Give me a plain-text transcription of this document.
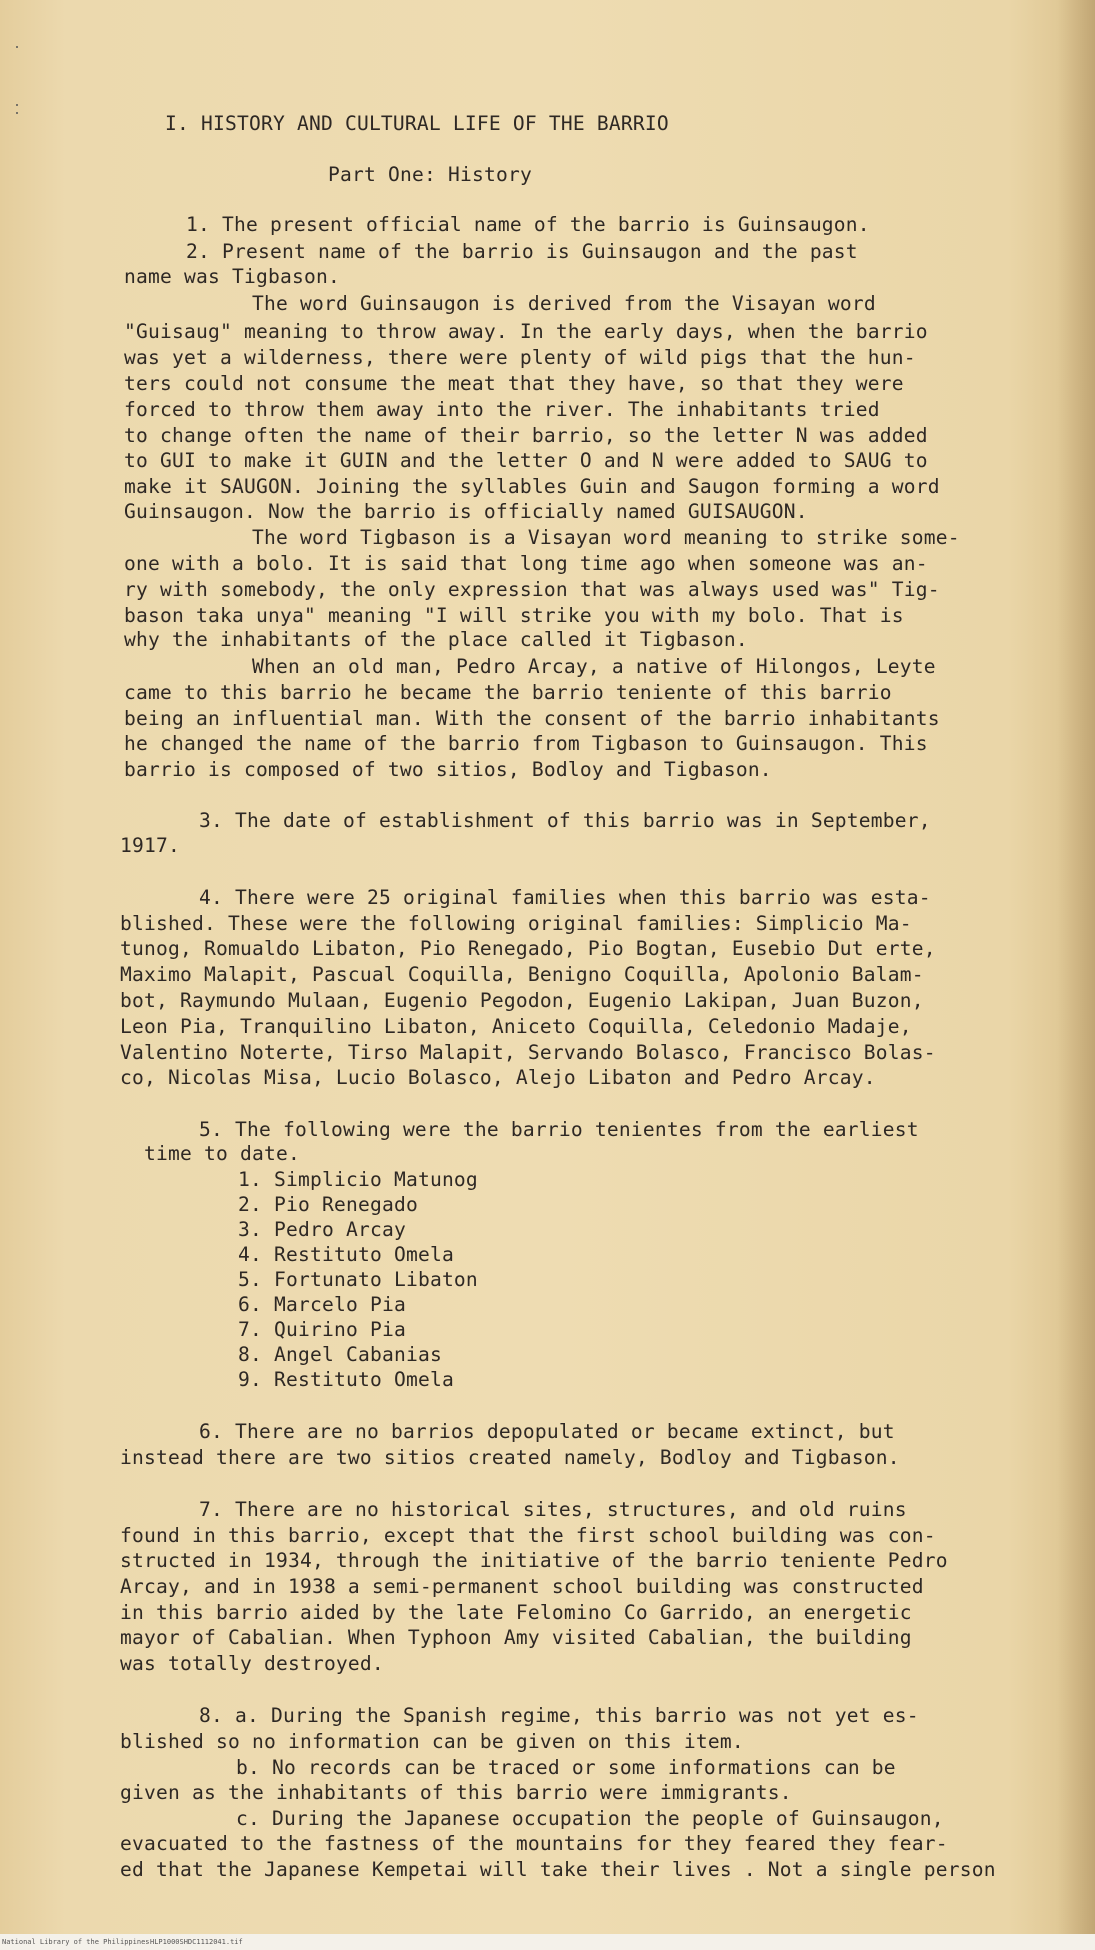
I. HISTORY AND CULTURAL LIFE OF THE BARRIO
Part One: History
1. The present official name of the barrio is Guinsaugon.
2. Present name of the barrio is Guinsaugon and the past
name was Tigbason.
The word Guinsaugon is derived from the Visayan word
"Guisaug" meaning to throw away. In the early days, when the barrio
was yet a wilderness, there were plenty of wild pigs that the hun-
ters could not consume the meat that they have, so that they were
forced to throw them away into the river. The inhabitants tried
to change often the name of their barrio, so the letter N was added
to GUI to make it GUIN and the letter O and N were added to SAUG to
make it SAUGON. Joining the syllables Guin and Saugon forming a word
Guinsaugon. Now the barrio is officially named GUISAUGON.
The word Tigbason is a Visayan word meaning to strike some-
one with a bolo. It is said that long time ago when someone was an-
ry with somebody, the only expression that was always used was" Tig-
bason taka unya" meaning "I will strike you with my bolo. That is
why the inhabitants of the place called it Tigbason.
When an old man, Pedro Arcay, a native of Hilongos, Leyte
came to this barrio he became the barrio teniente of this barrio
being an influential man. With the consent of the barrio inhabitants
he changed the name of the barrio from Tigbason to Guinsaugon. This
barrio is composed of two sitios, Bodloy and Tigbason.
3. The date of establishment of this barrio was in September,
1917.
4. There were 25 original families when this barrio was esta-
blished. These were the following original families: Simplicio Ma-
tunog, Romualdo Libaton, Pio Renegado, Pio Bogtan, Eusebio Dut erte,
Maximo Malapit, Pascual Coquilla, Benigno Coquilla, Apolonio Balam-
bot, Raymundo Mulaan, Eugenio Pegodon, Eugenio Lakipan, Juan Buzon,
Leon Pia, Tranquilino Libaton, Aniceto Coquilla, Celedonio Madaje,
Valentino Noterte, Tirso Malapit, Servando Bolasco, Francisco Bolas-
co, Nicolas Misa, Lucio Bolasco, Alejo Libaton and Pedro Arcay.
5. The following were the barrio tenientes from the earliest
time to date.
1. Simplicio Matunog
2. Pio Renegado
3. Pedro Arcay
4. Restituto Omela
5. Fortunato Libaton
6. Marcelo Pia
7. Quirino Pia
8. Angel Cabanias
9. Restituto Omela
6. There are no barrios depopulated or became extinct, but
instead there are two sitios created namely, Bodloy and Tigbason.
7. There are no historical sites, structures, and old ruins
found in this barrio, except that the first school building was con-
structed in 1934, through the initiative of the barrio teniente Pedro
Arcay, and in 1938 a semi-permanent school building was constructed
in this barrio aided by the late Felomino Co Garrido, an energetic
mayor of Cabalian. When Typhoon Amy visited Cabalian, the building
was totally destroyed.
8. a. During the Spanish regime, this barrio was not yet es-
blished so no information can be given on this item.
b. No records can be traced or some informations can be
given as the inhabitants of this barrio were immigrants.
c. During the Japanese occupation the people of Guinsaugon,
evacuated to the fastness of the mountains for they feared they fear-
ed that the Japanese Kempetai will take their lives . Not a single person
National Library of the Philippines HLP1000SHDC1112041.tif
